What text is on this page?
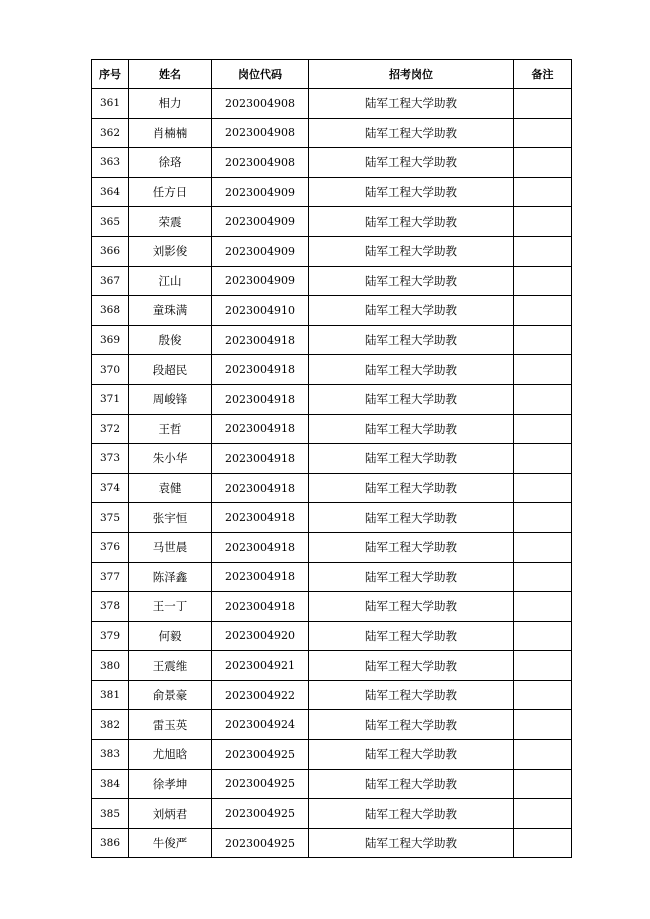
序号	姓名	岗位代码	招考岗位	备注
361	相力	2023004908	陆军工程大学助教	
362	肖楠楠	2023004908	陆军工程大学助教	
363	徐珞	2023004908	陆军工程大学助教	
364	任方日	2023004909	陆军工程大学助教	
365	荣震	2023004909	陆军工程大学助教	
366	刘影俊	2023004909	陆军工程大学助教	
367	江山	2023004909	陆军工程大学助教	
368	童珠满	2023004910	陆军工程大学助教	
369	殷俊	2023004918	陆军工程大学助教	
370	段超民	2023004918	陆军工程大学助教	
371	周峻锋	2023004918	陆军工程大学助教	
372	王哲	2023004918	陆军工程大学助教	
373	朱小华	2023004918	陆军工程大学助教	
374	袁健	2023004918	陆军工程大学助教	
375	张宇恒	2023004918	陆军工程大学助教	
376	马世晨	2023004918	陆军工程大学助教	
377	陈泽鑫	2023004918	陆军工程大学助教	
378	王一丁	2023004918	陆军工程大学助教	
379	何毅	2023004920	陆军工程大学助教	
380	王震维	2023004921	陆军工程大学助教	
381	俞景豪	2023004922	陆军工程大学助教	
382	雷玉英	2023004924	陆军工程大学助教	
383	尤旭晗	2023004925	陆军工程大学助教	
384	徐孝坤	2023004925	陆军工程大学助教	
385	刘炳君	2023004925	陆军工程大学助教	
386	牛俊严	2023004925	陆军工程大学助教	
